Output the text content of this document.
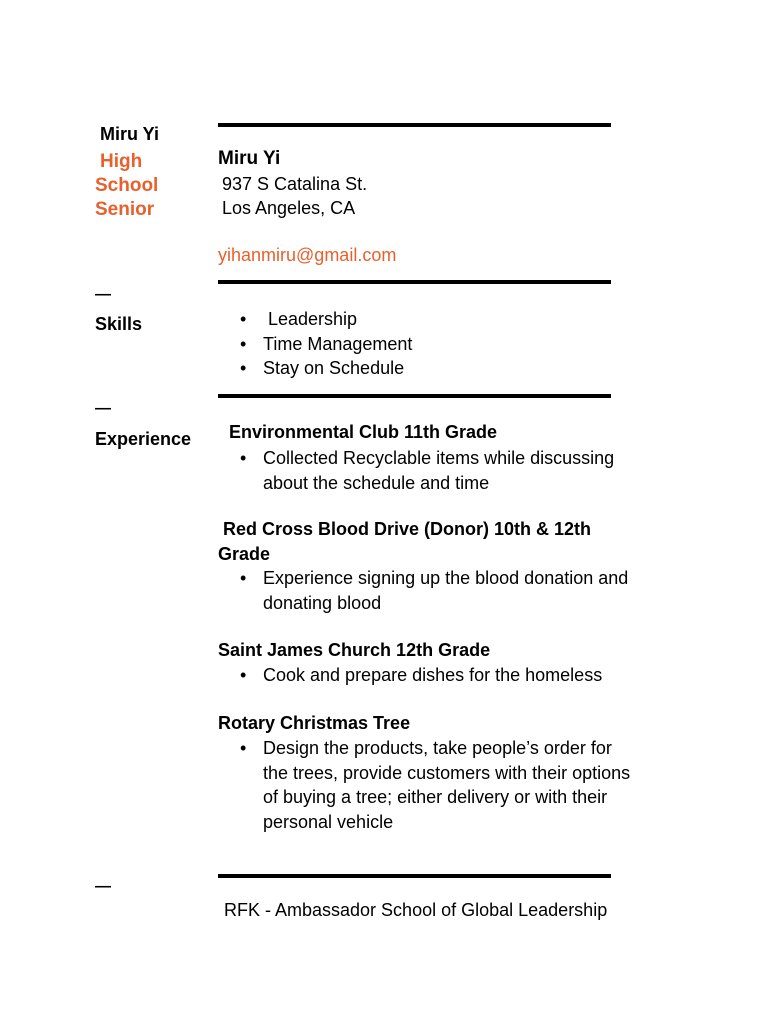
Miru Yi
High
School
Senior
—
Skills
—
Experience
—
Miru Yi
937 S Catalina St.
Los Angeles, CA
yihanmiru@gmail.com
• Leadership
• Time Management
• Stay on Schedule
Environmental Club 11th Grade
• Collected Recyclable items while discussing about the schedule and time
Red Cross Blood Drive (Donor) 10th & 12th Grade
• Experience signing up the blood donation and donating blood
Saint James Church 12th Grade
• Cook and prepare dishes for the homeless
Rotary Christmas Tree
• Design the products, take people’s order for the trees, provide customers with their options of buying a tree; either delivery or with their personal vehicle
RFK - Ambassador School of Global Leadership
